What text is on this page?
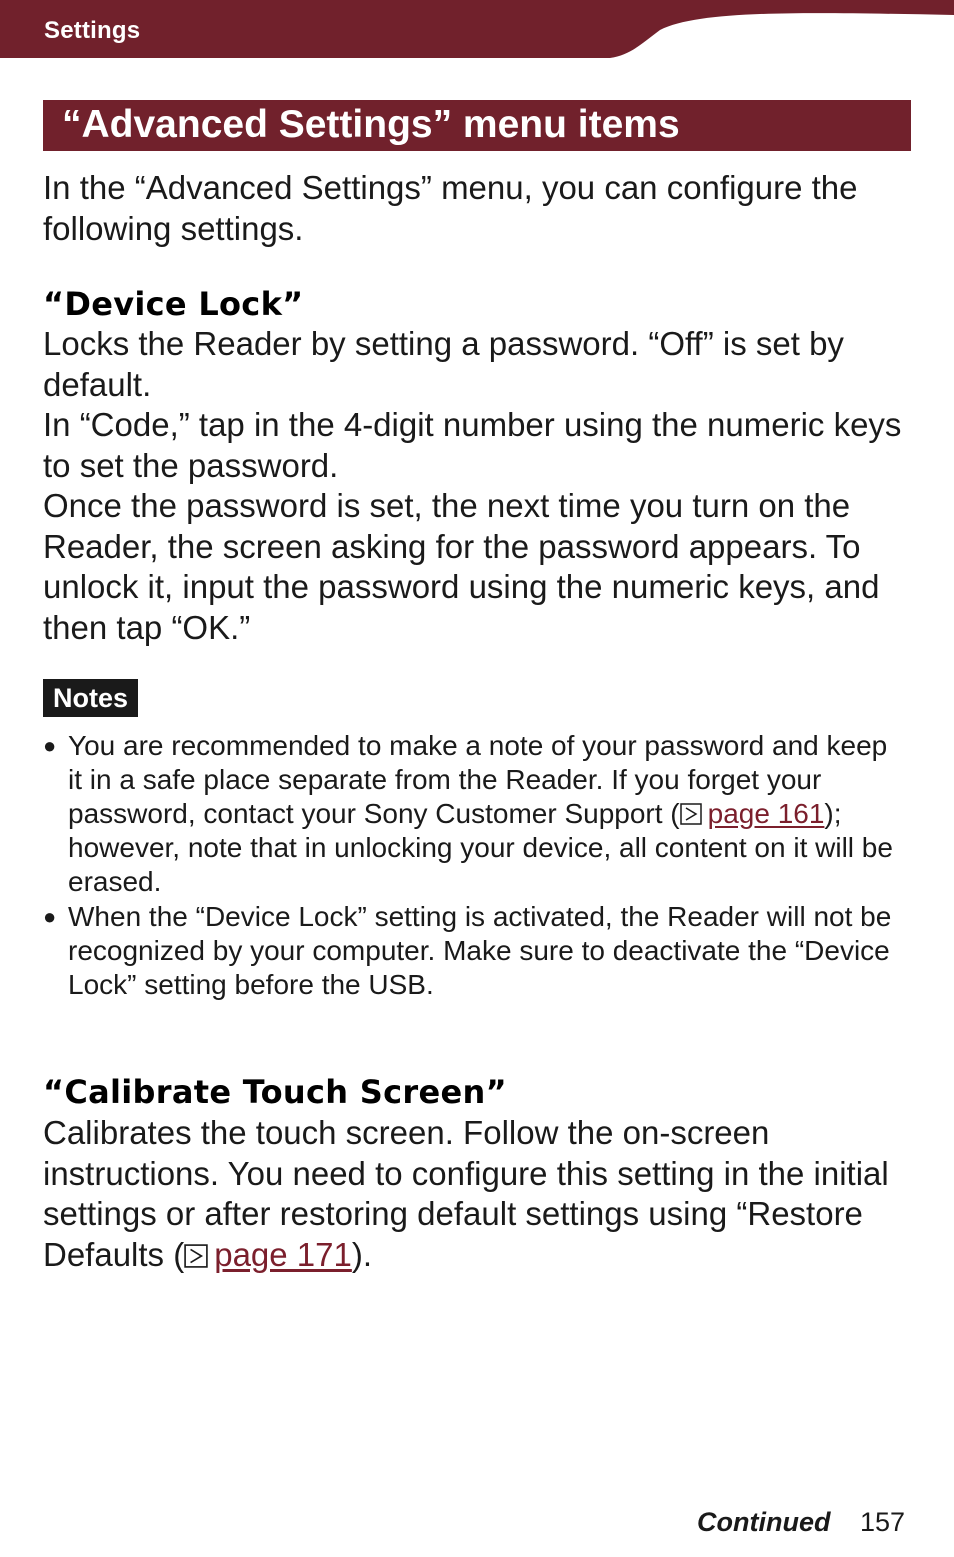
Settings
“Advanced Settings” menu items

In the “Advanced Settings” menu, you can configure the following settings.

“Device Lock”
Locks the Reader by setting a password. “Off” is set by default.
In “Code,” tap in the 4-digit number using the numeric keys to set the password.
Once the password is set, the next time you turn on the Reader, the screen asking for the password appears. To unlock it, input the password using the numeric keys, and then tap “OK.”
Notes
● You are recommended to make a note of your password and keep it in a safe place separate from the Reader. If you forget your password, contact your Sony Customer Support ( page 161); however, note that in unlocking your device, all content on it will be erased.
● When the “Device Lock” setting is activated, the Reader will not be recognized by your computer. Make sure to deactivate the “Device Lock” setting before the USB.
“Calibrate Touch Screen”

Calibrates the touch screen. Follow the on-screen instructions. You need to configure this setting in the initial settings or after restoring default settings using “Restore Defaults ( page 171).

Continued 157
